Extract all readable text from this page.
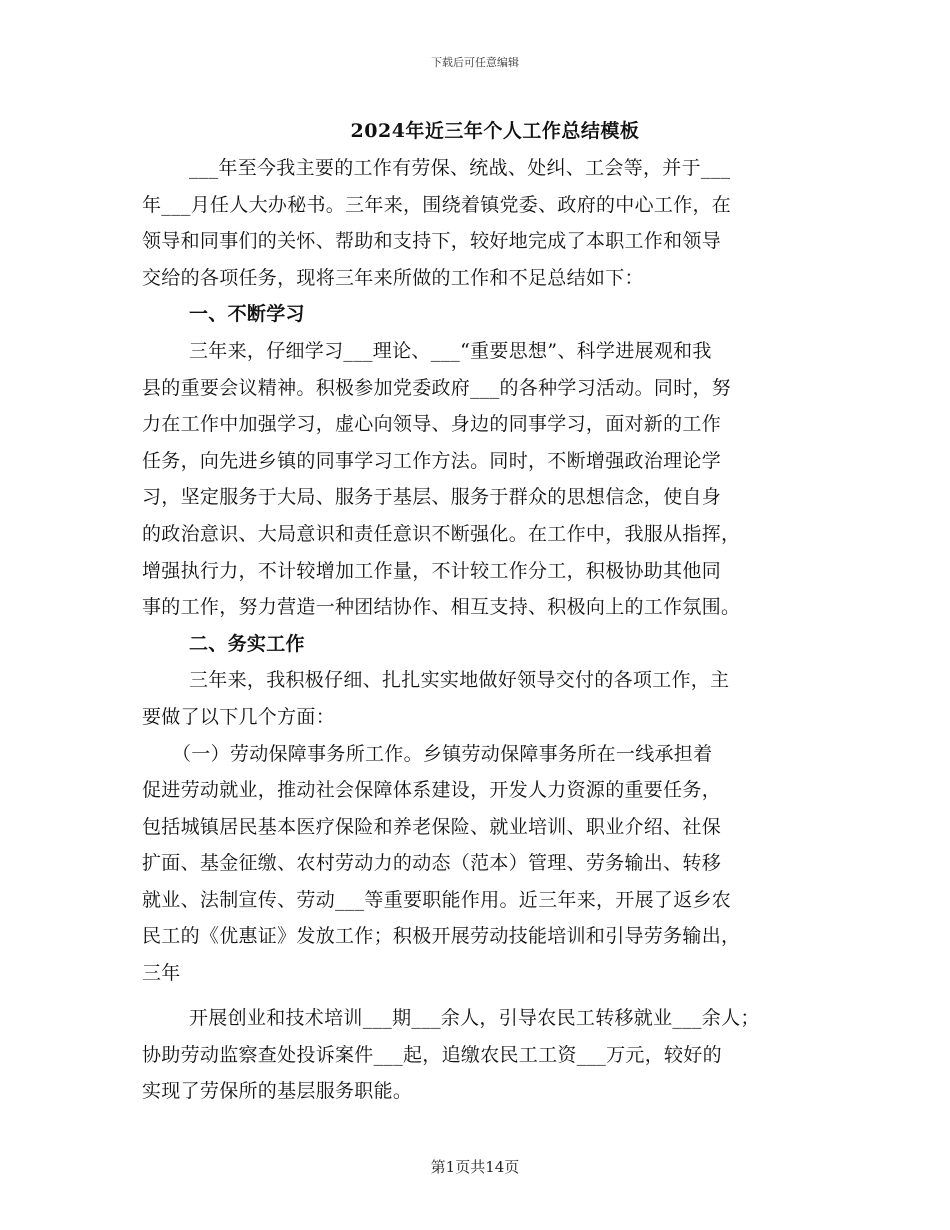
下载后可任意编辑
2024年近三年个人工作总结模板
___年至今我主要的工作有劳保、统战、处纠、工会等，并于___
年___月任人大办秘书。三年来，围绕着镇党委、政府的中心工作，在
领导和同事们的关怀、帮助和支持下，较好地完成了本职工作和领导
交给的各项任务，现将三年来所做的工作和不足总结如下：
一、不断学习
三年来，仔细学习___理论、___“重要思想”、科学进展观和我
县的重要会议精神。积极参加党委政府___的各种学习活动。同时，努
力在工作中加强学习，虚心向领导、身边的同事学习，面对新的工作
任务，向先进乡镇的同事学习工作方法。同时，不断增强政治理论学
习，坚定服务于大局、服务于基层、服务于群众的思想信念，使自身
的政治意识、大局意识和责任意识不断强化。在工作中，我服从指挥，
增强执行力，不计较增加工作量，不计较工作分工，积极协助其他同
事的工作，努力营造一种团结协作、相互支持、积极向上的工作氛围。
二、务实工作
三年来，我积极仔细、扎扎实实地做好领导交付的各项工作，主
要做了以下几个方面：
（一）劳动保障事务所工作。乡镇劳动保障事务所在一线承担着
促进劳动就业，推动社会保障体系建设，开发人力资源的重要任务，
包括城镇居民基本医疗保险和养老保险、就业培训、职业介绍、社保
扩面、基金征缴、农村劳动力的动态（范本）管理、劳务输出、转移
就业、法制宣传、劳动___等重要职能作用。近三年来，开展了返乡农
民工的《优惠证》发放工作；积极开展劳动技能培训和引导劳务输出，
三年
开展创业和技术培训___期___余人，引导农民工转移就业___余人；
协助劳动监察查处投诉案件___起，追缴农民工工资___万元，较好的
实现了劳保所的基层服务职能。
第1页共14页
